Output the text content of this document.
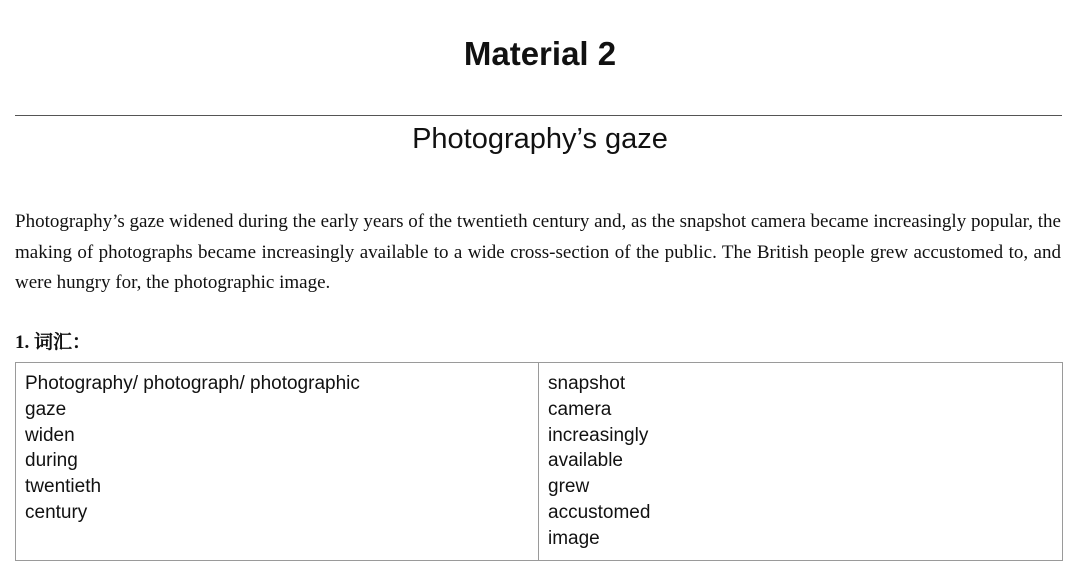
Material 2
Photography’s gaze

Photography’s gaze widened during the early years of the twentieth century and, as the snapshot camera became increasingly popular, the making of photographs became increasingly available to a wide cross-section of the public. The British people grew accustomed to, and were hungry for, the photographic image.

1. 词汇：
Photography/ photograph/ photographic
gaze
widen
during
twentieth
century

snapshot
camera
increasingly
available
grew
accustomed
image
